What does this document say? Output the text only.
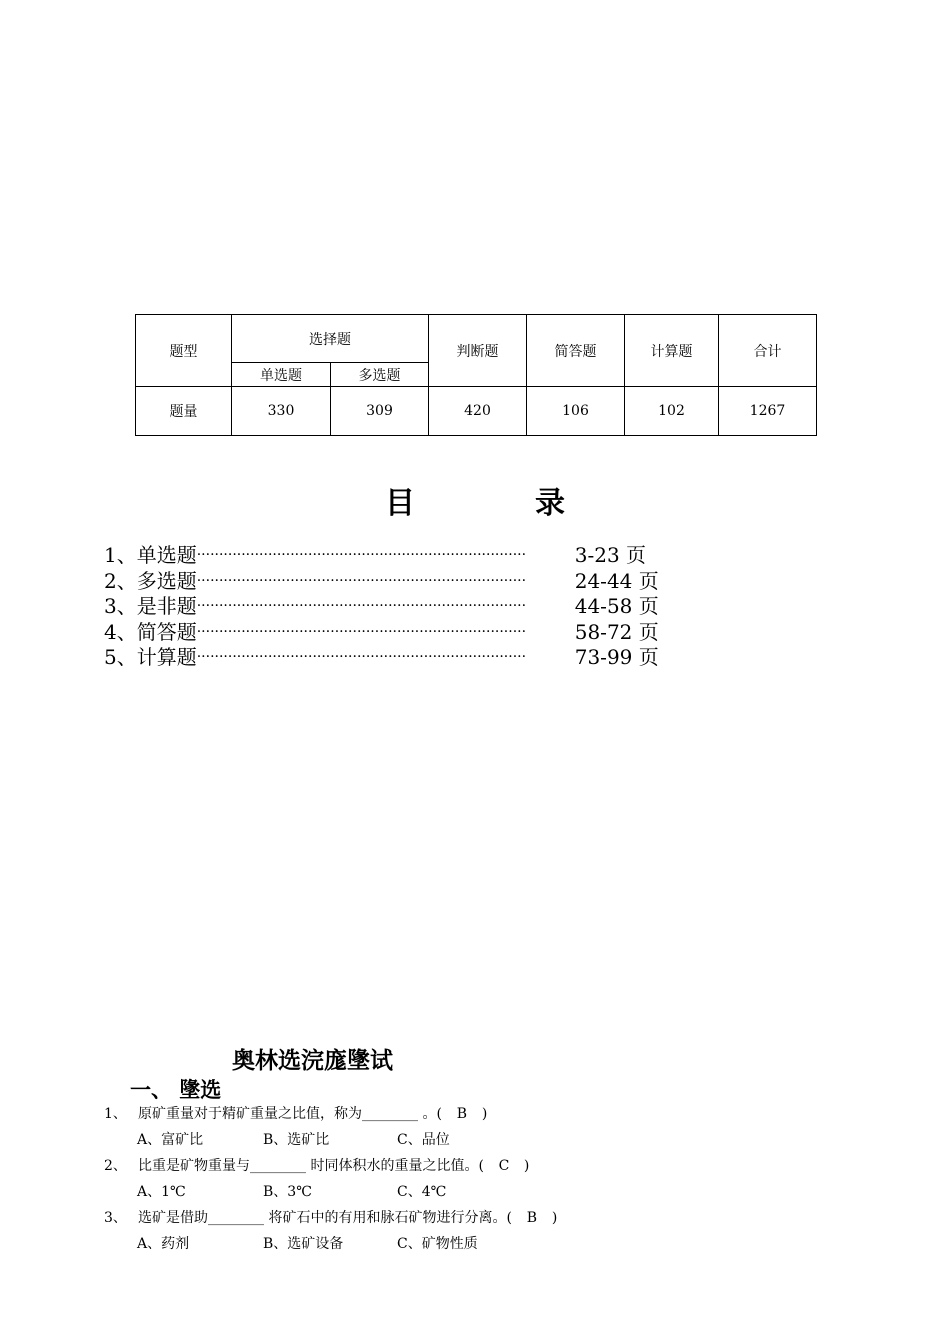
题型	选择题		判断题	简答题	计算题	合计
	单选题	多选题				
题量	330	309	420	106	102	1267
目	录
1、单选题 ··········································································	3-23 页
2、多选题 ··········································································	24-44 页
3、是非题 ··········································································	44-58 页
4、简答题 ··········································································	58-72 页
5、计算题 ··········································································	73-99 页
奥林选浣庬墬试
一、 墬选
1、 原矿重量对于精矿重量之比值，称为________ 。( B )
A、富矿比	B、选矿比	C、品位
2、 比重是矿物重量与________ 时同体积水的重量之比值。( C )
A、1℃	B、3℃	C、4℃
3、 选矿是借助________ 将矿石中的有用和脉石矿物进行分离。( B )
A、药剂	B、选矿设备	C、矿物性质
